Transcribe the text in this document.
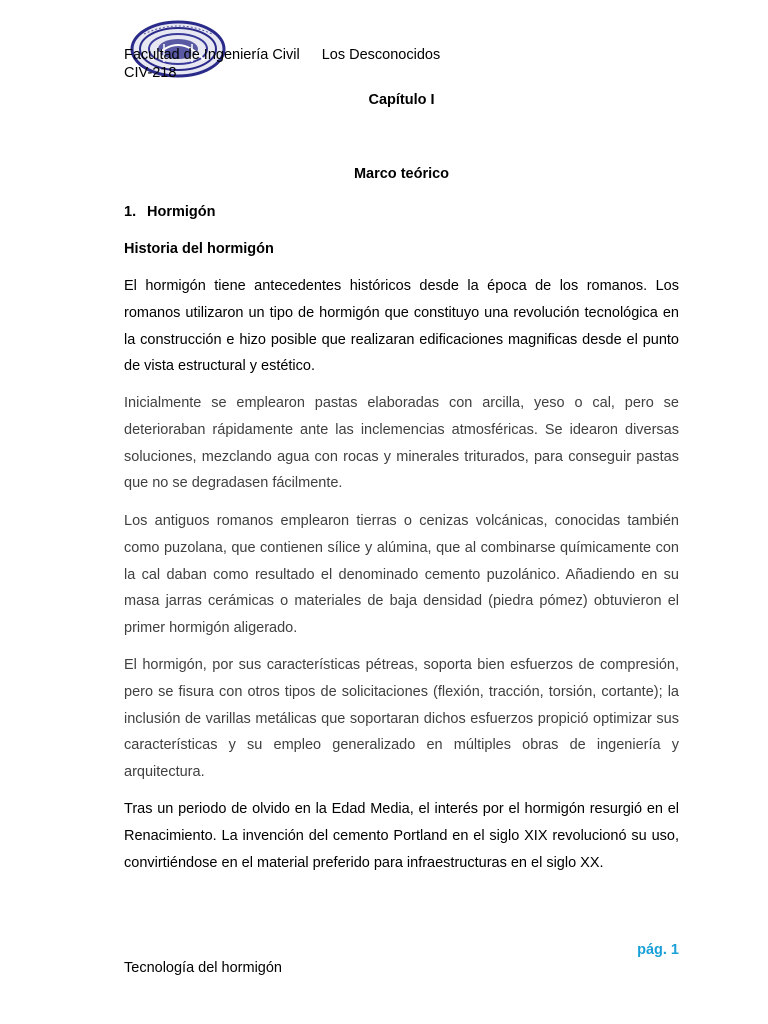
Facultad de Ingeniería Civil Los Desconocidos
CIV-218
Capítulo I
Marco teórico
1. Hormigón
Historia del hormigón

El hormigón tiene antecedentes históricos desde la época de los romanos. Los romanos utilizaron un tipo de hormigón que constituyo una revolución tecnológica en la construcción e hizo posible que realizaran edificaciones magnificas desde el punto de vista estructural y estético.

Inicialmente se emplearon pastas elaboradas con arcilla, yeso o cal, pero se deterioraban rápidamente ante las inclemencias atmosféricas. Se idearon diversas soluciones, mezclando agua con rocas y minerales triturados, para conseguir pastas que no se degradasen fácilmente.

Los antiguos romanos emplearon tierras o cenizas volcánicas, conocidas también como puzolana, que contienen sílice y alúmina, que al combinarse químicamente con la cal daban como resultado el denominado cemento puzolánico. Añadiendo en su masa jarras cerámicas o materiales de baja densidad (piedra pómez) obtuvieron el primer hormigón aligerado.

El hormigón, por sus características pétreas, soporta bien esfuerzos de compresión, pero se fisura con otros tipos de solicitaciones (flexión, tracción, torsión, cortante); la inclusión de varillas metálicas que soportaran dichos esfuerzos propició optimizar sus características y su empleo generalizado en múltiples obras de ingeniería y arquitectura.

Tras un periodo de olvido en la Edad Media, el interés por el hormigón resurgió en el Renacimiento. La invención del cemento Portland en el siglo XIX revolucionó su uso, convirtiéndose en el material preferido para infraestructuras en el siglo XX.

pág. 1
Tecnología del hormigón
